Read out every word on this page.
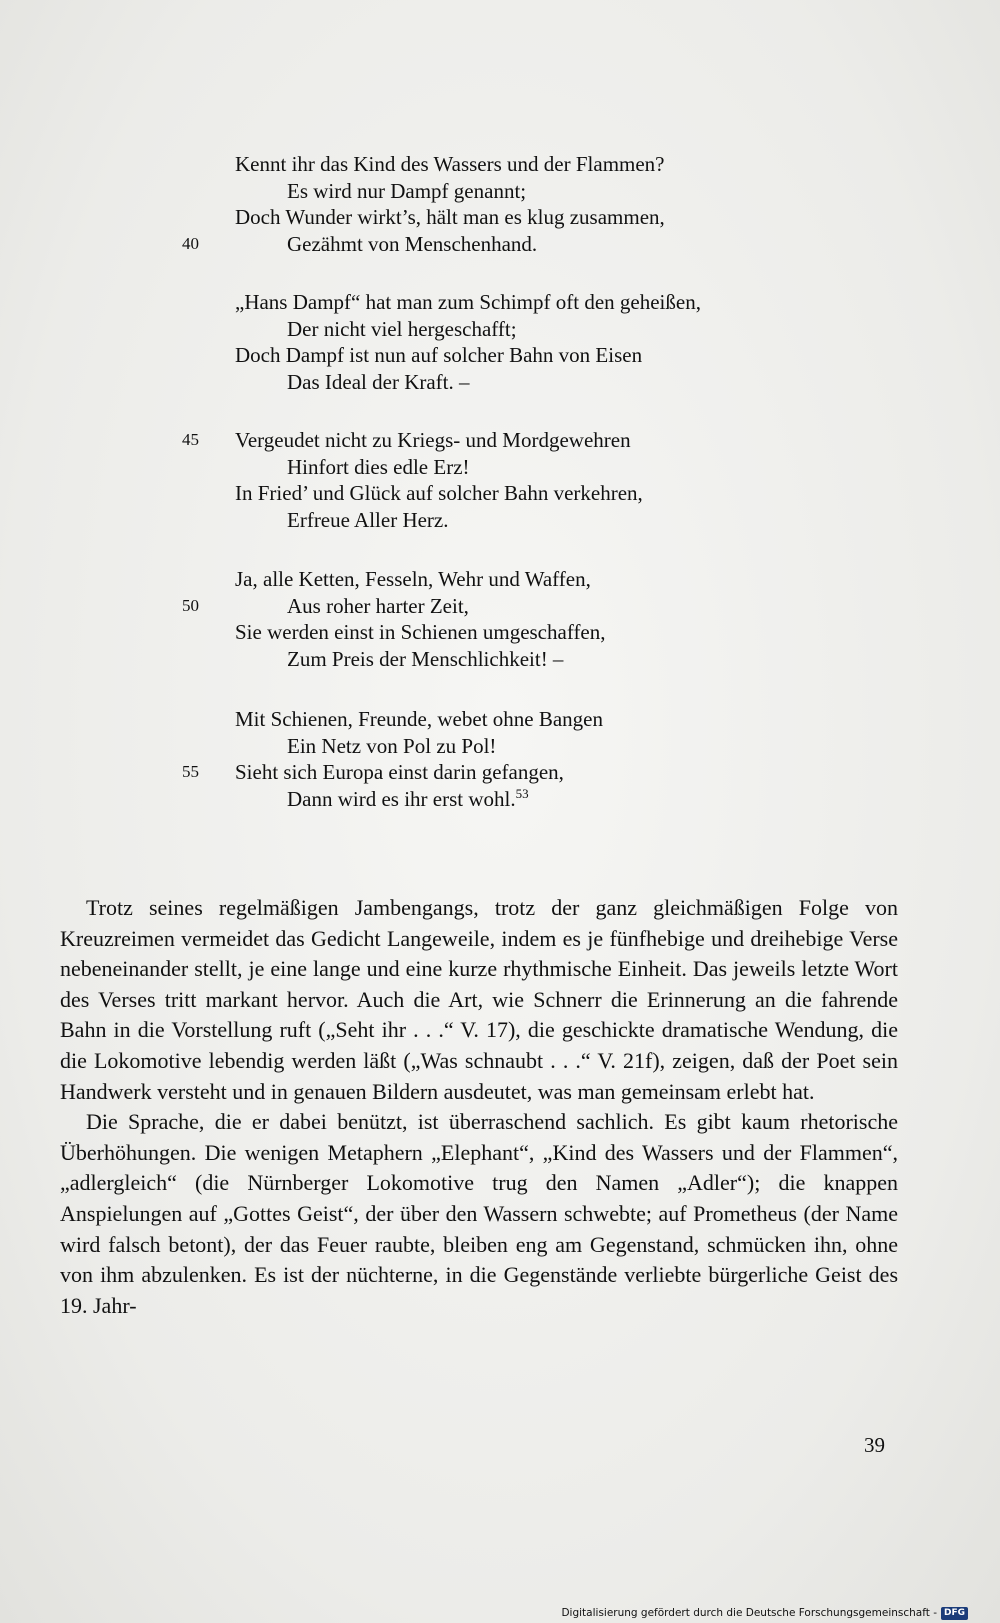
Kennt ihr das Kind des Wassers und der Flammen?
Es wird nur Dampf genannt;
Doch Wunder wirkt’s, hält man es klug zusammen,
Gezähmt von Menschenhand.
40
„Hans Dampf“ hat man zum Schimpf oft den geheißen,
Der nicht viel hergeschafft;
Doch Dampf ist nun auf solcher Bahn von Eisen
Das Ideal der Kraft. –
Vergeudet nicht zu Kriegs- und Mordgewehren
45
Hinfort dies edle Erz!
In Fried’ und Glück auf solcher Bahn verkehren,
Erfreue Aller Herz.
Ja, alle Ketten, Fesseln, Wehr und Waffen,
Aus roher harter Zeit,
50
Sie werden einst in Schienen umgeschaffen,
Zum Preis der Menschlichkeit! –
Mit Schienen, Freunde, webet ohne Bangen
Ein Netz von Pol zu Pol!
Sieht sich Europa einst darin gefangen,
55
Dann wird es ihr erst wohl.$^{53}$

Trotz seines regelmäßigen Jambengangs, trotz der ganz gleichmäßigen Folge von Kreuzreimen vermeidet das Gedicht Langeweile, indem es je fünfhebige und dreihebige Verse nebeneinander stellt, je eine lange und eine kurze rhythmische Einheit. Das jeweils letzte Wort des Verses tritt markant hervor. Auch die Art, wie Schnerr die Erinnerung an die fahrende Bahn in die Vorstellung ruft („Seht ihr . . .“ V. 17), die geschickte dramatische Wendung, die die Lokomotive lebendig werden läßt („Was schnaubt . . .“ V. 21f), zeigen, daß der Poet sein Handwerk versteht und in genauen Bildern ausdeutet, was man gemeinsam erlebt hat.

Die Sprache, die er dabei benützt, ist überraschend sachlich. Es gibt kaum rhetorische Überhöhungen. Die wenigen Metaphern „Elephant“, „Kind des Wassers und der Flammen“, „adlergleich“ (die Nürnberger Lokomotive trug den Namen „Adler“); die knappen Anspielungen auf „Gottes Geist“, der über den Wassern schwebte; auf Prometheus (der Name wird falsch betont), der das Feuer raubte, bleiben eng am Gegenstand, schmücken ihn, ohne von ihm abzulenken. Es ist der nüchterne, in die Gegenstände verliebte bürgerliche Geist des 19. Jahr-

39
Digitalisierung gefördert durch die Deutsche Forschungsgemeinschaft - DFG
